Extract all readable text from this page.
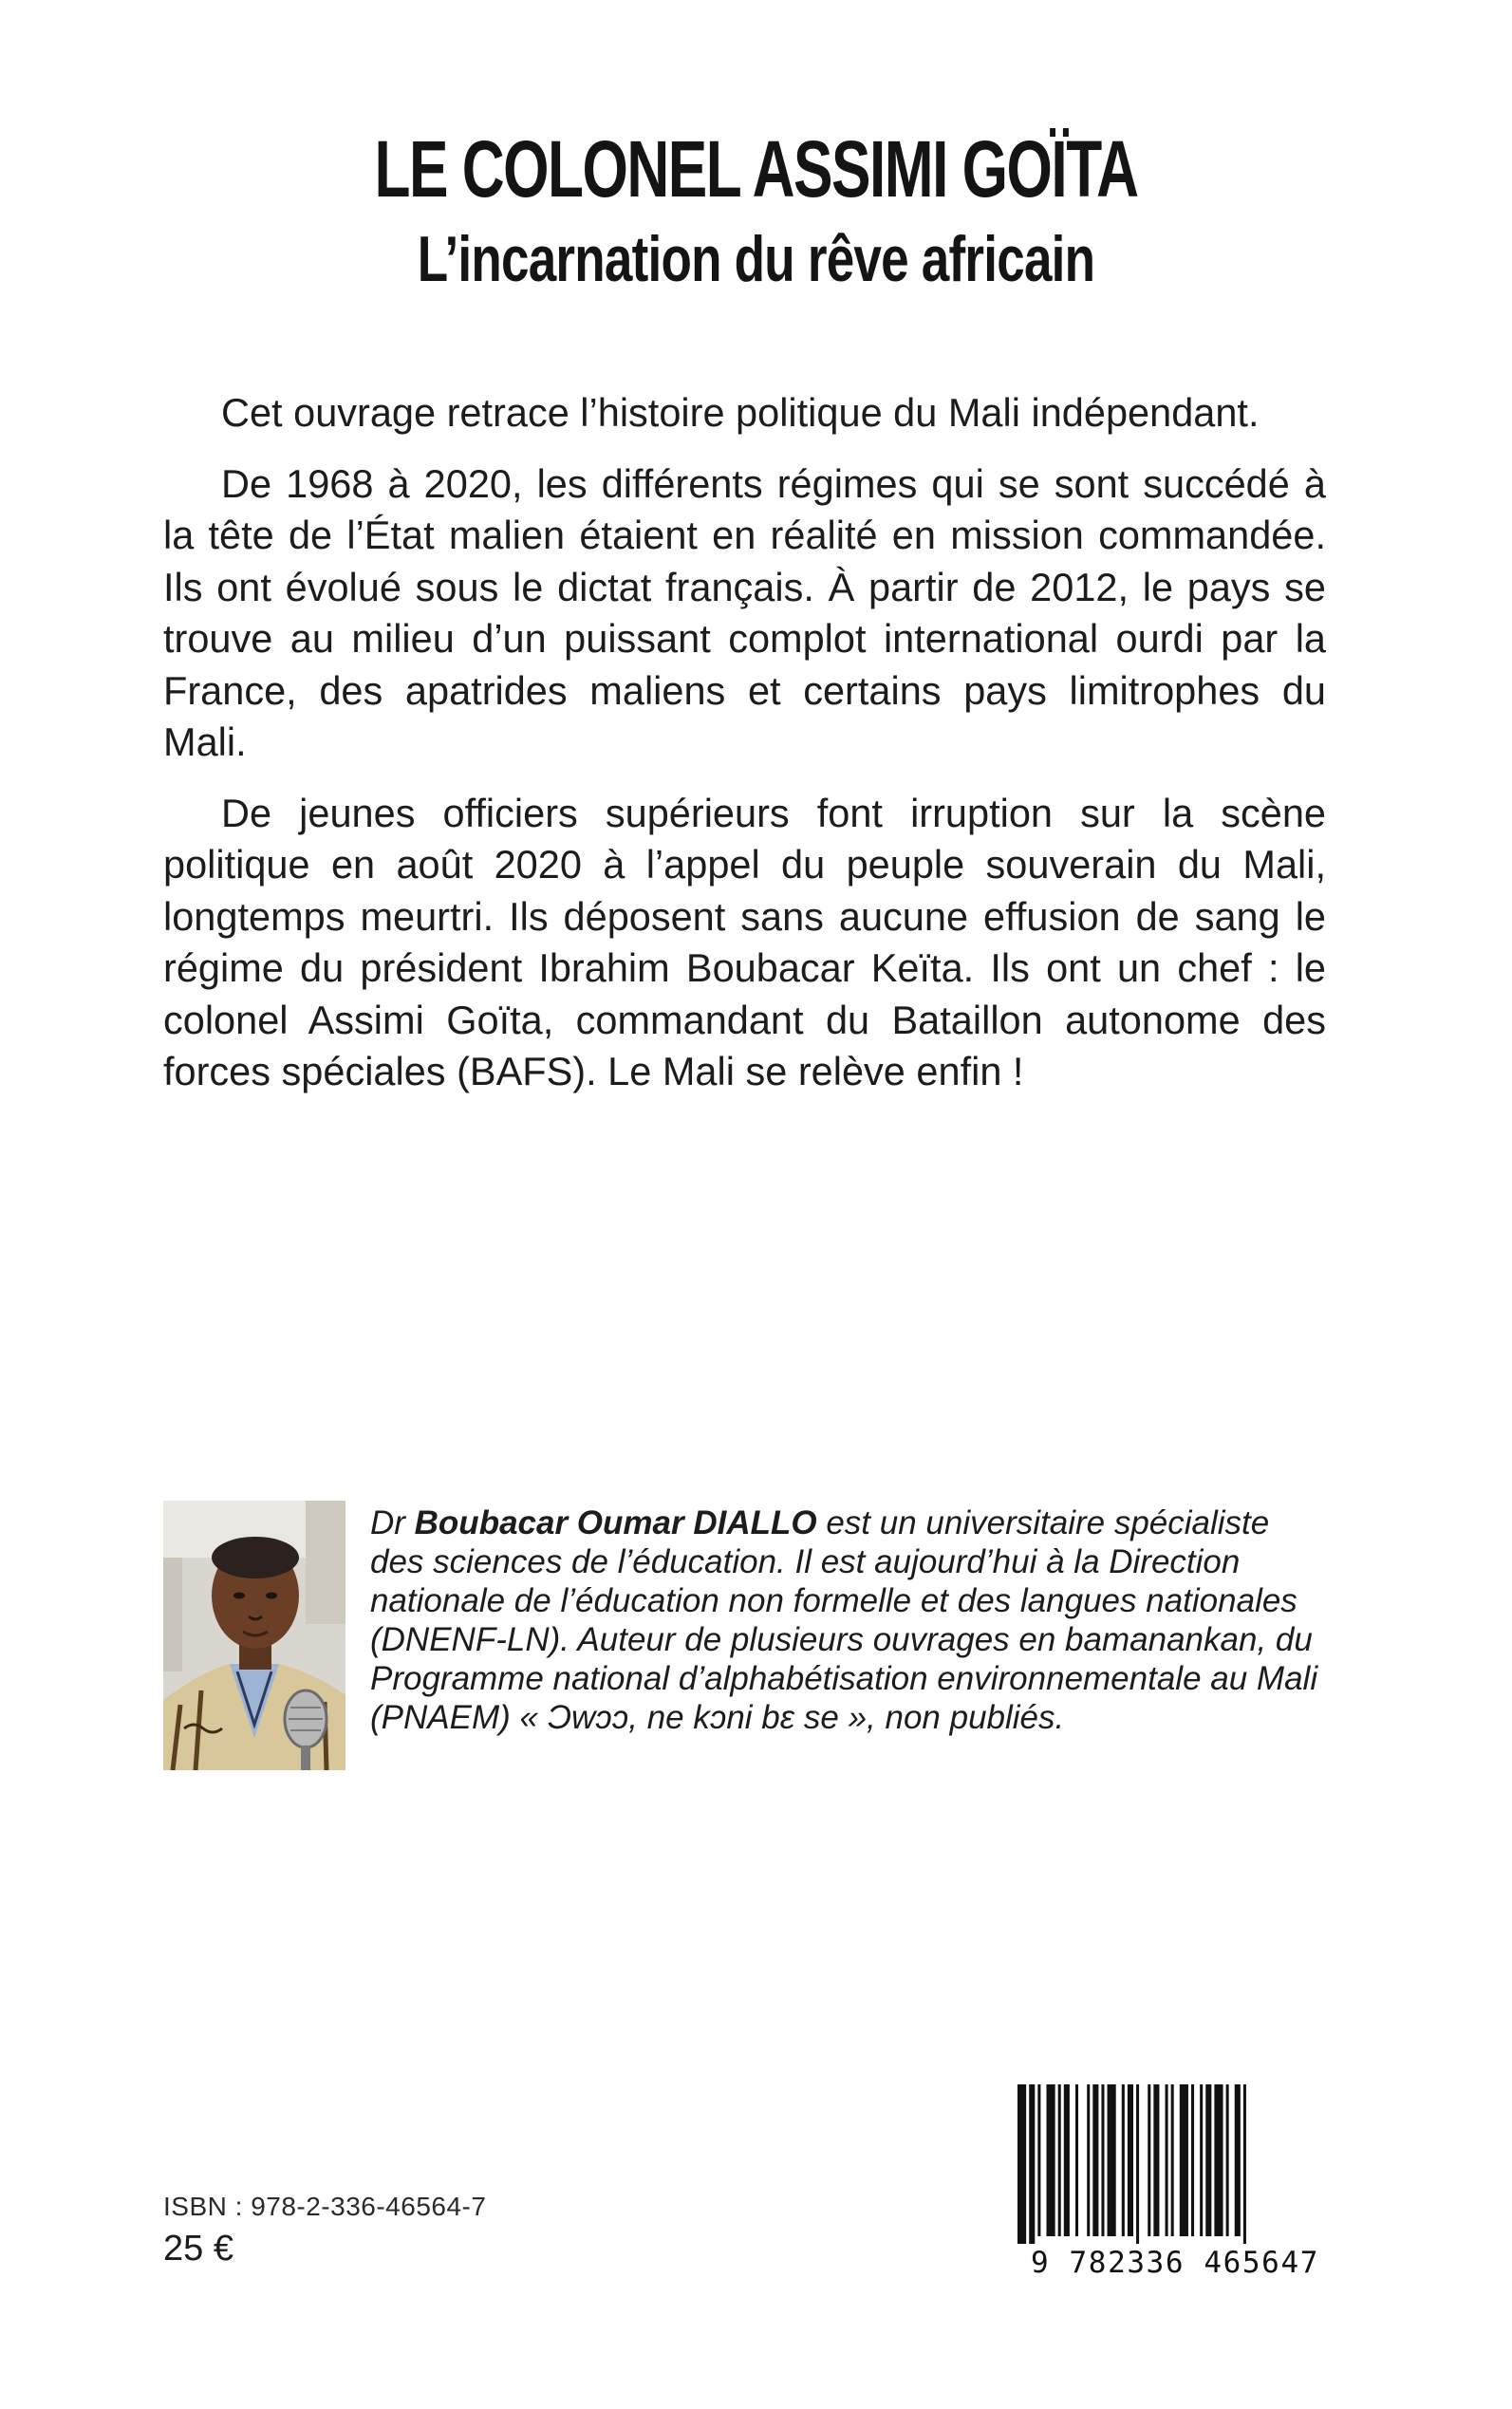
LE COLONEL ASSIMI GOÏTA
L’incarnation du rêve africain

Cet ouvrage retrace l’histoire politique du Mali indépendant.

De 1968 à 2020, les différents régimes qui se sont succédé à la tête de l’État malien étaient en réalité en mission commandée. Ils ont évolué sous le dictat français. À partir de 2012, le pays se trouve au milieu d’un puissant complot international ourdi par la France, des apatrides maliens et certains pays limitrophes du Mali.

De jeunes officiers supérieurs font irruption sur la scène politique en août 2020 à l’appel du peuple souverain du Mali, longtemps meurtri. Ils déposent sans aucune effusion de sang le régime du président Ibrahim Boubacar Keïta. Ils ont un chef : le colonel Assimi Goïta, commandant du Bataillon autonome des forces spéciales (BAFS). Le Mali se relève enfin !

Dr Boubacar Oumar DIALLO est un universitaire spécialiste des sciences de l’éducation. Il est aujourd’hui à la Direction nationale de l’éducation non formelle et des langues nationales (DNENF-LN). Auteur de plusieurs ouvrages en bamanankan, du Programme national d’alphabétisation environnementale au Mali (PNAEM) « Ɔwɔɔ, ne kɔni bɛ se », non publiés.
ISBN : 978-2-336-46564-7
25 €	9 782336 465647
